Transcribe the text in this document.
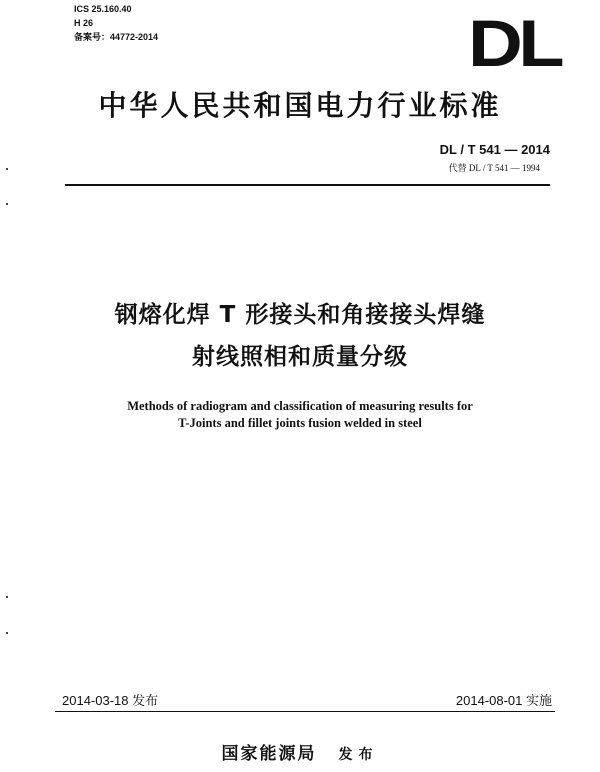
ICS 25.160.40
H 26
备案号：44772-2014	DL
中华人民共和国电力行业标准
DL / T 541 — 2014
代替 DL / T 541 — 1994
钢熔化焊 T 形接头和角接接头焊缝
射线照相和质量分级
Methods of radiogram and classification of measuring results for
T-Joints and fillet joints fusion welded in steel
2014-03-18 发布	2014-08-01 实施
国家能源局 发布
